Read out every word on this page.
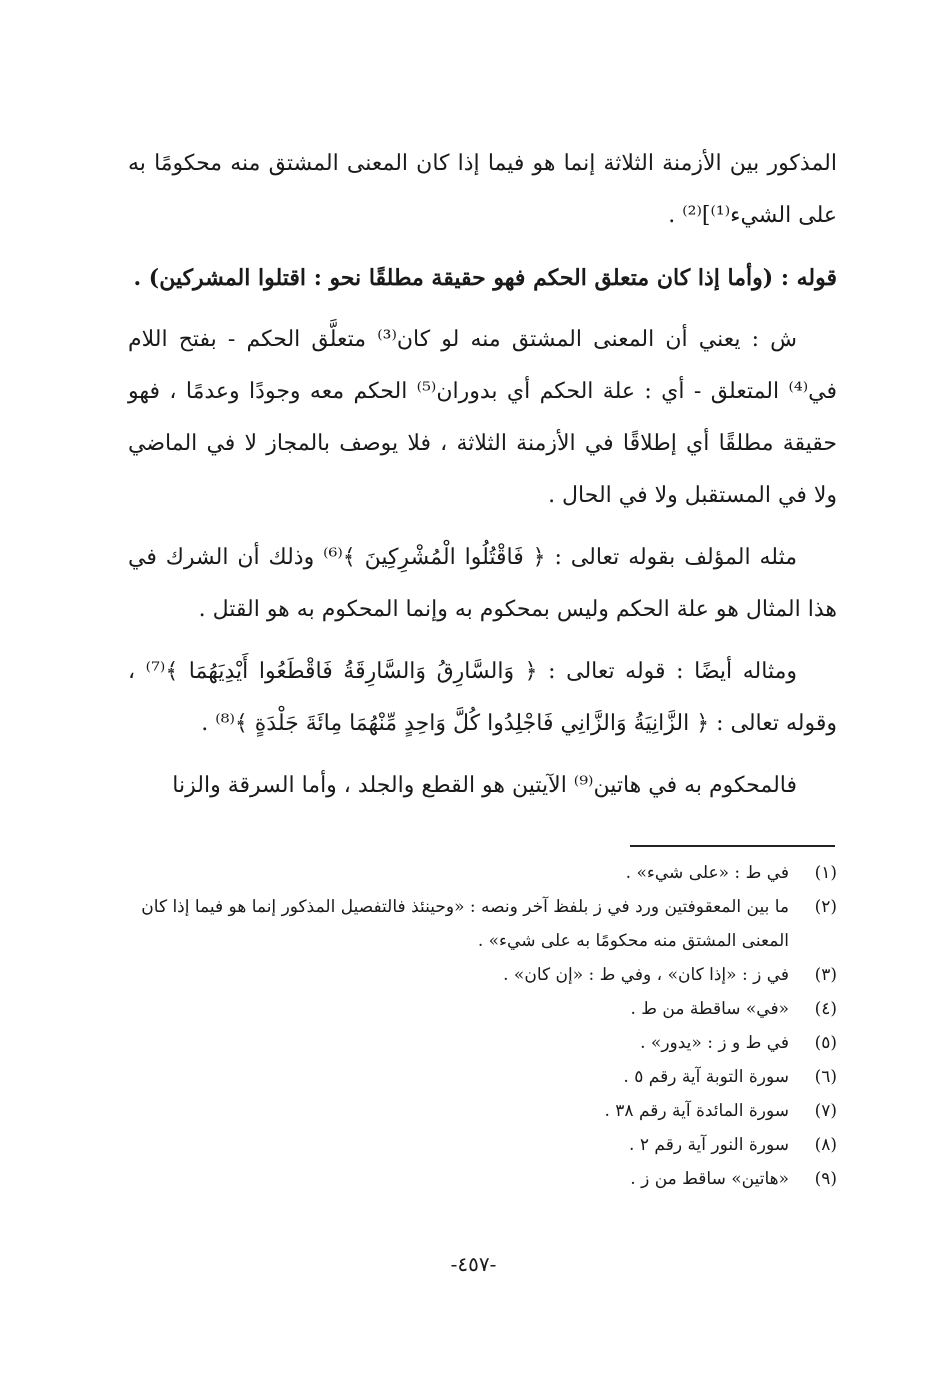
المذكور بين الأزمنة الثلاثة إنما هو فيما إذا كان المعنى المشتق منه محكومًا به على الشيء⁽¹⁾]⁽²⁾ .

قوله : (وأما إذا كان متعلق الحكم فهو حقيقة مطلقًا نحو : اقتلوا المشركين) .

ش : يعني أن المعنى المشتق منه لو كان⁽³⁾ متعلَّق الحكم - بفتح اللام في⁽⁴⁾ المتعلق - أي : علة الحكم أي بدوران⁽⁵⁾ الحكم معه وجودًا وعدمًا ، فهو حقيقة مطلقًا أي إطلاقًا في الأزمنة الثلاثة ، فلا يوصف بالمجاز لا في الماضي ولا في المستقبل ولا في الحال .

مثله المؤلف بقوله تعالى : ﴿ فَاقْتُلُوا الْمُشْرِكِينَ ﴾⁽⁶⁾ وذلك أن الشرك في هذا المثال هو علة الحكم وليس بمحكوم به وإنما المحكوم به هو القتل .

ومثاله أيضًا : قوله تعالى : ﴿ وَالسَّارِقُ وَالسَّارِقَةُ فَاقْطَعُوا أَيْدِيَهُمَا ﴾⁽⁷⁾ ، وقوله تعالى : ﴿ الزَّانِيَةُ وَالزَّانِي فَاجْلِدُوا كُلَّ وَاحِدٍ مِّنْهُمَا مِائَةَ جَلْدَةٍ ﴾⁽⁸⁾ .

فالمحكوم به في هاتين⁽⁹⁾ الآيتين هو القطع والجلد ، وأما السرقة والزنا

(١)
في ط : «على شيء» .
(٢)
ما بين المعقوفتين ورد في ز بلفظ آخر ونصه : «وحينئذ فالتفصيل المذكور إنما هو فيما إذا كان المعنى المشتق منه محكومًا به على شيء» .
(٣)
في ز : «إذا كان» ، وفي ط : «إن كان» .
(٤)
«في» ساقطة من ط .
(٥)
في ط و ز : «يدور» .
(٦)
سورة التوبة آية رقم ٥ .
(٧)
سورة المائدة آية رقم ٣٨ .
(٨)
سورة النور آية رقم ٢ .
(٩)
«هاتين» ساقط من ز .
-٤٥٧-
